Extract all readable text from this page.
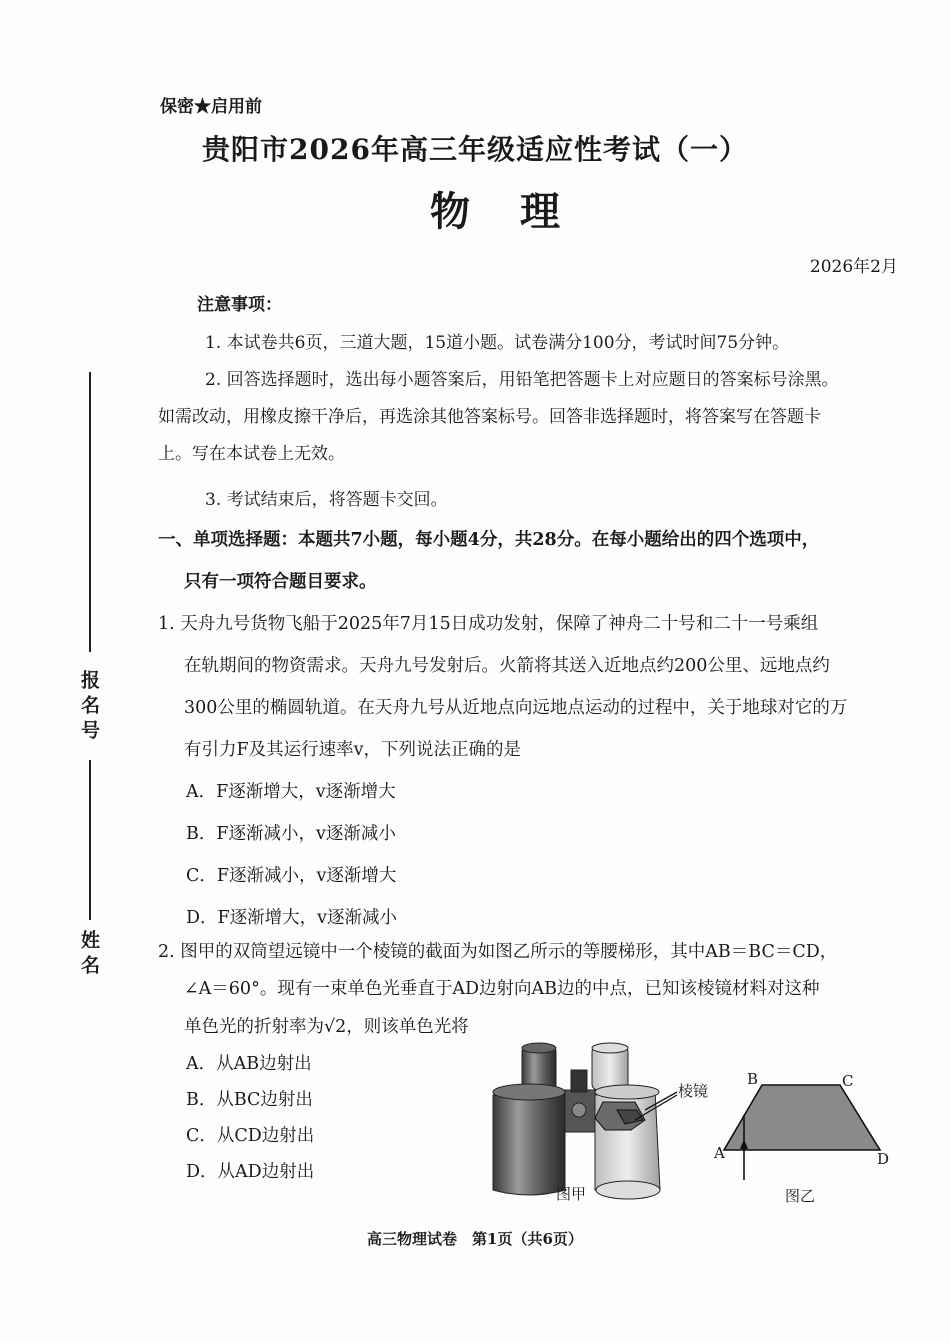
保密★启用前
贵阳市2026年高三年级适应性考试（一）
物理
2026年2月
注意事项：
1. 本试卷共6页，三道大题，15道小题。试卷满分100分，考试时间75分钟。
2. 回答选择题时，选出每小题答案后，用铅笔把答题卡上对应题日的答案标号涂黑。
如需改动，用橡皮擦干净后，再选涂其他答案标号。回答非选择题时，将答案写在答题卡
上。写在本试卷上无效。
3. 考试结束后，将答题卡交回。
一、单项选择题：本题共7小题，每小题4分，共28分。在每小题给出的四个选项中，
只有一项符合题目要求。
1. 天舟九号货物飞船于2025年7月15日成功发射，保障了神舟二十号和二十一号乘组
在轨期间的物资需求。天舟九号发射后。火箭将其送入近地点约200公里、远地点约
300公里的椭圆轨道。在天舟九号从近地点向远地点运动的过程中，关于地球对它的万
有引力F及其运行速率v，下列说法正确的是
A．F逐渐增大，v逐渐增大
B．F逐渐减小，v逐渐减小
C．F逐渐减小，v逐渐增大
D．F逐渐增大，v逐渐减小
2. 图甲的双筒望远镜中一个棱镜的截面为如图乙所示的等腰梯形，其中AB＝BC＝CD，
∠A＝60°。现有一束单色光垂直于AD边射向AB边的中点，已知该棱镜材料对这种
单色光的折射率为√2，则该单色光将
A．从AB边射出
B．从BC边射出
C．从CD边射出
D．从AD边射出
棱镜
图甲
B	C
A	D
图乙
报名号
姓名
高三物理试卷　第1页（共6页）
